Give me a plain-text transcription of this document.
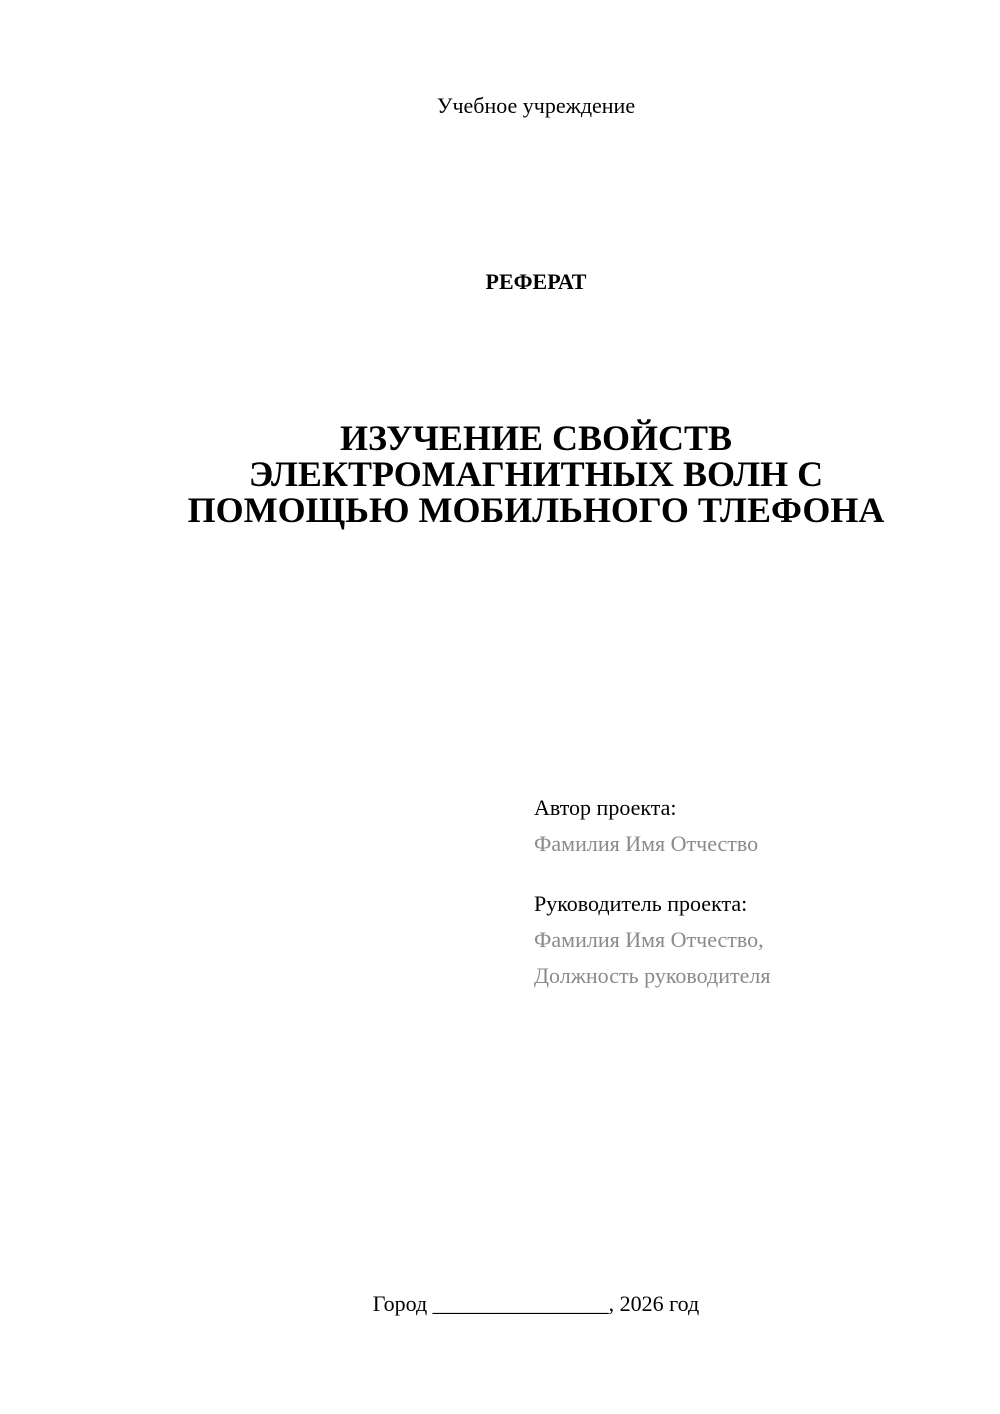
Учебное учреждение
РЕФЕРАТ
ИЗУЧЕНИЕ СВОЙСТВ
ЭЛЕКТРОМАГНИТНЫХ ВОЛН С
ПОМОЩЬЮ МОБИЛЬНОГО ТЛЕФОНА
Автор проекта:
Фамилия Имя Отчество
Руководитель проекта:
Фамилия Имя Отчество,
Должность руководителя
Город ________________, 2026 год
